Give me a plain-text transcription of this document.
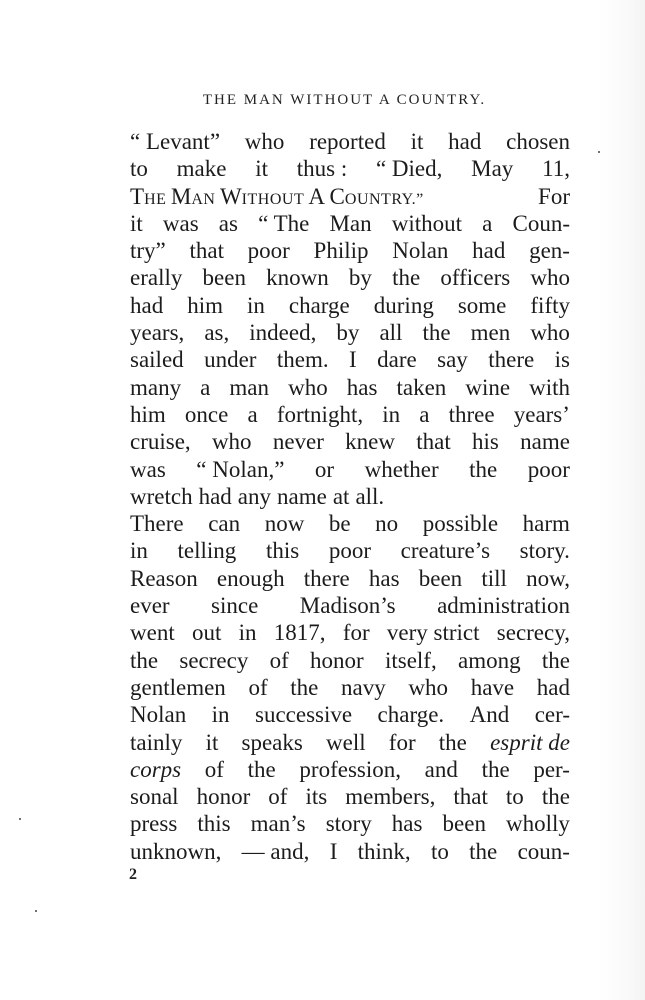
THE MAN WITHOUT A COUNTRY.
“ Levant” who reported it had chosen
to make it thus : “ Died, May 11,
THE MAN WITHOUT A COUNTRY.”	For
it was as “ The Man without a Coun-
try” that poor Philip Nolan had gen-
erally been known by the officers who
had him in charge during some fifty
years, as, indeed, by all the men who
sailed under them. I dare say there is
many a man who has taken wine with
him once a fortnight, in a three years’
cruise, who never knew that his name
was “ Nolan,” or whether the poor
wretch had any name at all.
There can now be no possible harm
in telling this poor creature’s story.
Reason enough there has been till now,
ever since Madison’s administration
went out in 1817, for very strict secrecy,
the secrecy of honor itself, among the
gentlemen of the navy who have had
Nolan in successive charge. And cer-
tainly it speaks well for the esprit de
corps of the profession, and the per-
sonal honor of its members, that to the
press this man’s story has been wholly
unknown, — and, I think, to the coun-
2
